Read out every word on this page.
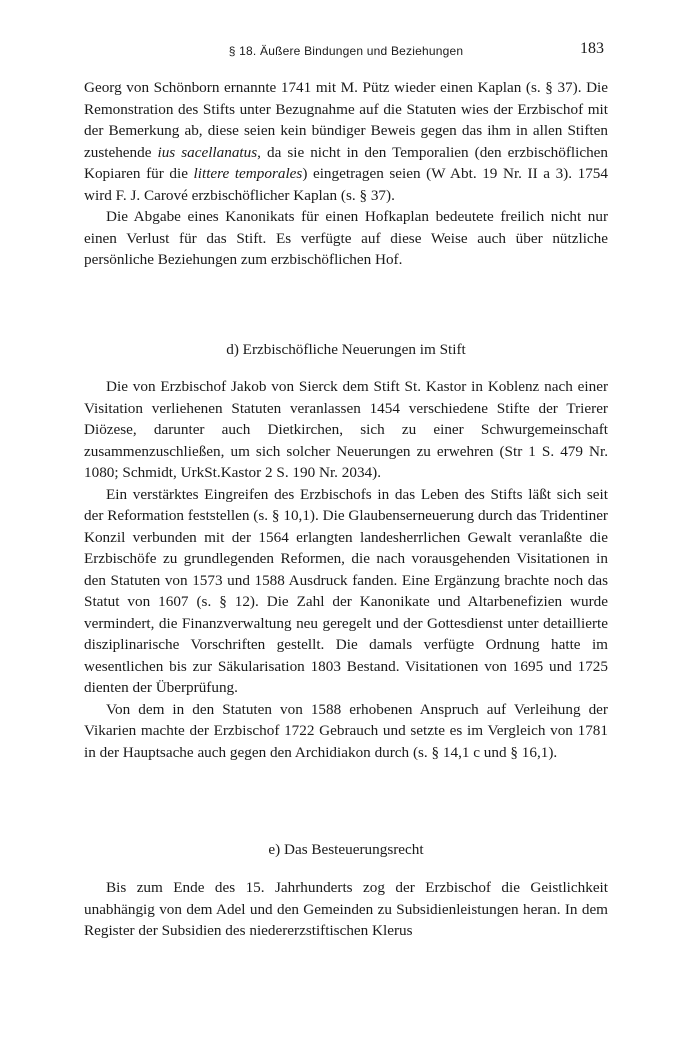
§ 18. Äußere Bindungen und Beziehungen	183

Georg von Schönborn ernannte 1741 mit M. Pütz wieder einen Kaplan (s. § 37). Die Remonstration des Stifts unter Bezugnahme auf die Statuten wies der Erzbischof mit der Bemerkung ab, diese seien kein bündiger Beweis gegen das ihm in allen Stiften zustehende ius sacellanatus, da sie nicht in den Temporalien (den erzbischöflichen Kopiaren für die littere temporales) eingetragen seien (W Abt. 19 Nr. II a 3). 1754 wird F. J. Carové erzbischöflicher Kaplan (s. § 37).

Die Abgabe eines Kanonikats für einen Hofkaplan bedeutete freilich nicht nur einen Verlust für das Stift. Es verfügte auf diese Weise auch über nützliche persönliche Beziehungen zum erzbischöflichen Hof.

d) Erzbischöfliche Neuerungen im Stift

Die von Erzbischof Jakob von Sierck dem Stift St. Kastor in Koblenz nach einer Visitation verliehenen Statuten veranlassen 1454 verschiedene Stifte der Trierer Diözese, darunter auch Dietkirchen, sich zu einer Schwurgemeinschaft zusammenzuschließen, um sich solcher Neuerungen zu erwehren (Str 1 S. 479 Nr. 1080; Schmidt, UrkSt.Kastor 2 S. 190 Nr. 2034).

Ein verstärktes Eingreifen des Erzbischofs in das Leben des Stifts läßt sich seit der Reformation feststellen (s. § 10,1). Die Glaubenserneuerung durch das Tridentiner Konzil verbunden mit der 1564 erlangten landesherrlichen Gewalt veranlaßte die Erzbischöfe zu grundlegenden Reformen, die nach vorausgehenden Visitationen in den Statuten von 1573 und 1588 Ausdruck fanden. Eine Ergänzung brachte noch das Statut von 1607 (s. § 12). Die Zahl der Kanonikate und Altarbenefizien wurde vermindert, die Finanzverwaltung neu geregelt und der Gottesdienst unter detaillierte disziplinarische Vorschriften gestellt. Die damals verfügte Ordnung hatte im wesentlichen bis zur Säkularisation 1803 Bestand. Visitationen von 1695 und 1725 dienten der Überprüfung.

Von dem in den Statuten von 1588 erhobenen Anspruch auf Verleihung der Vikarien machte der Erzbischof 1722 Gebrauch und setzte es im Vergleich von 1781 in der Hauptsache auch gegen den Archidiakon durch (s. § 14,1 c und § 16,1).

e) Das Besteuerungsrecht

Bis zum Ende des 15. Jahrhunderts zog der Erzbischof die Geistlichkeit unabhängig von dem Adel und den Gemeinden zu Subsidienleistungen heran. In dem Register der Subsidien des niedererzstiftischen Klerus
